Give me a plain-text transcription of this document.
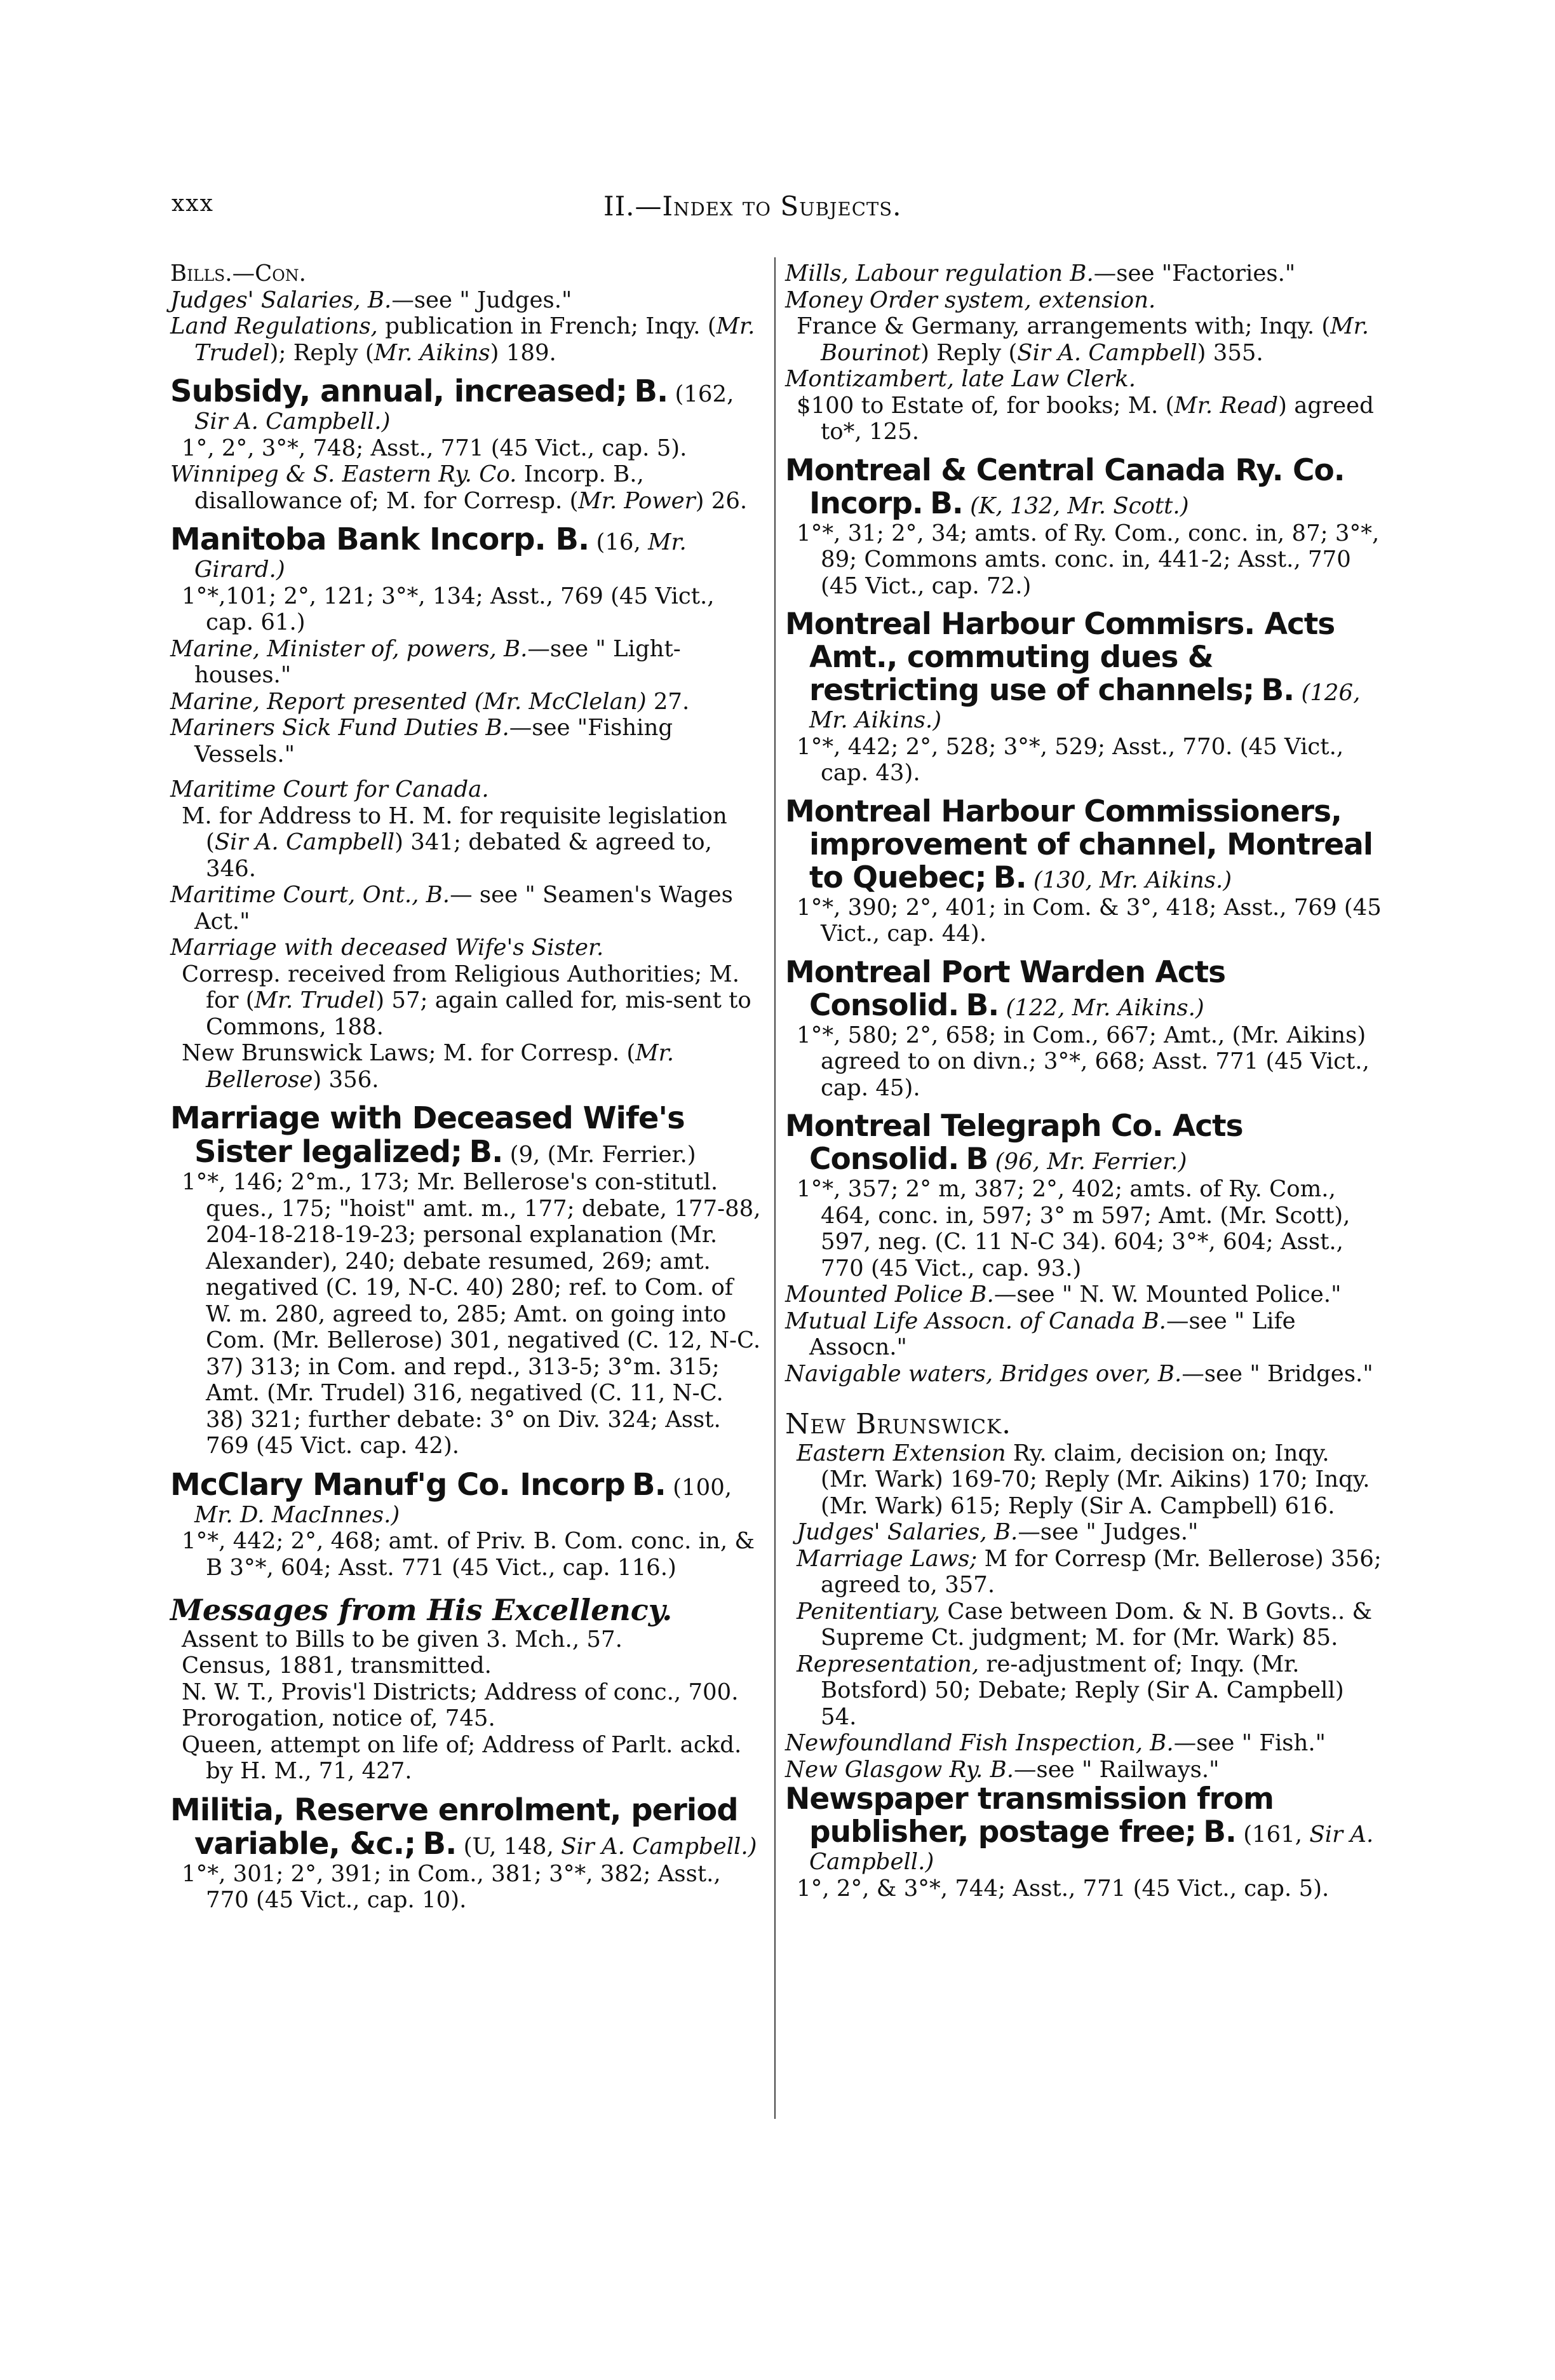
xxx	II.—Index to Subjects.

Bills.—Con.

Judges' Salaries, B.—see " Judges."

Land Regulations, publication in French; Inqy. (Mr. Trudel); Reply (Mr. Aikins) 189.

Subsidy, annual, increased; B. (162, Sir A. Campbell.)

1°, 2°, 3°*, 748; Asst., 771 (45 Vict., cap. 5).

Winnipeg & S. Eastern Ry. Co. Incorp. B., disallowance of; M. for Corresp. (Mr. Power) 26.

Manitoba Bank Incorp. B. (16, Mr. Girard.)

1°*,101; 2°, 121; 3°*, 134; Asst., 769 (45 Vict., cap. 61.)

Marine, Minister of, powers, B.—see " Light-houses."

Marine, Report presented (Mr. McClelan) 27.

Mariners Sick Fund Duties B.—see "Fishing Vessels."

Maritime Court for Canada.

M. for Address to H. M. for requisite legislation (Sir A. Campbell) 341; debated & agreed to, 346.

Maritime Court, Ont., B.— see " Seamen's Wages Act."

Marriage with deceased Wife's Sister.

Corresp. received from Religious Authorities; M. for (Mr. Trudel) 57; again called for, mis-sent to Commons, 188.

New Brunswick Laws; M. for Corresp. (Mr. Bellerose) 356.

Marriage with Deceased Wife's Sister legalized; B. (9, (Mr. Ferrier.)

1°*, 146; 2°m., 173; Mr. Bellerose's con-stitutl. ques., 175; "hoist" amt. m., 177; debate, 177-88, 204-18-218-19-23; personal explanation (Mr. Alexander), 240; debate resumed, 269; amt. negatived (C. 19, N-C. 40) 280; ref. to Com. of W. m. 280, agreed to, 285; Amt. on going into Com. (Mr. Bellerose) 301, negatived (C. 12, N-C. 37) 313; in Com. and repd., 313-5; 3°m. 315; Amt. (Mr. Trudel) 316, negatived (C. 11, N-C. 38) 321; further debate: 3° on Div. 324; Asst. 769 (45 Vict. cap. 42).

McClary Manuf'g Co. Incorp B. (100, Mr. D. MacInnes.)

1°*, 442; 2°, 468; amt. of Priv. B. Com. conc. in, & B 3°*, 604; Asst. 771 (45 Vict., cap. 116.)

Messages from His Excellency.

Assent to Bills to be given 3. Mch., 57.

Census, 1881, transmitted.

N. W. T., Provis'l Districts; Address of conc., 700.

Prorogation, notice of, 745.

Queen, attempt on life of; Address of Parlt. ackd. by H. M., 71, 427.

Militia, Reserve enrolment, period variable, &c.; B. (U, 148, Sir A. Campbell.)

1°*, 301; 2°, 391; in Com., 381; 3°*, 382; Asst., 770 (45 Vict., cap. 10).

Mills, Labour regulation B.—see "Factories."

Money Order system, extension.

France & Germany, arrangements with; Inqy. (Mr. Bourinot) Reply (Sir A. Campbell) 355.

Montizambert, late Law Clerk.

$100 to Estate of, for books; M. (Mr. Read) agreed to*, 125.

Montreal & Central Canada Ry. Co. Incorp. B. (K, 132, Mr. Scott.)

1°*, 31; 2°, 34; amts. of Ry. Com., conc. in, 87; 3°*, 89; Commons amts. conc. in, 441-2; Asst., 770 (45 Vict., cap. 72.)

Montreal Harbour Commisrs. Acts Amt., commuting dues & restricting use of channels; B. (126, Mr. Aikins.)

1°*, 442; 2°, 528; 3°*, 529; Asst., 770. (45 Vict., cap. 43).

Montreal Harbour Commissioners, improvement of channel, Montreal to Quebec; B. (130, Mr. Aikins.)

1°*, 390; 2°, 401; in Com. & 3°, 418; Asst., 769 (45 Vict., cap. 44).

Montreal Port Warden Acts Consolid. B. (122, Mr. Aikins.)

1°*, 580; 2°, 658; in Com., 667; Amt., (Mr. Aikins) agreed to on divn.; 3°*, 668; Asst. 771 (45 Vict., cap. 45).

Montreal Telegraph Co. Acts Consolid. B (96, Mr. Ferrier.)

1°*, 357; 2° m, 387; 2°, 402; amts. of Ry. Com., 464, conc. in, 597; 3° m 597; Amt. (Mr. Scott), 597, neg. (C. 11 N-C 34). 604; 3°*, 604; Asst., 770 (45 Vict., cap. 93.)

Mounted Police B.—see " N. W. Mounted Police."

Mutual Life Assocn. of Canada B.—see " Life Assocn."

Navigable waters, Bridges over, B.—see " Bridges."

New Brunswick.

Eastern Extension Ry. claim, decision on; Inqy. (Mr. Wark) 169-70; Reply (Mr. Aikins) 170; Inqy. (Mr. Wark) 615; Reply (Sir A. Campbell) 616.

Judges' Salaries, B.—see " Judges."

Marriage Laws; M for Corresp (Mr. Bellerose) 356; agreed to, 357.

Penitentiary, Case between Dom. & N. B Govts.. & Supreme Ct. judgment; M. for (Mr. Wark) 85.

Representation, re-adjustment of; Inqy. (Mr. Botsford) 50; Debate; Reply (Sir A. Campbell) 54.

Newfoundland Fish Inspection, B.—see " Fish."

New Glasgow Ry. B.—see " Railways."

Newspaper transmission from publisher, postage free; B. (161, Sir A. Campbell.)

1°, 2°, & 3°*, 744; Asst., 771 (45 Vict., cap. 5).
